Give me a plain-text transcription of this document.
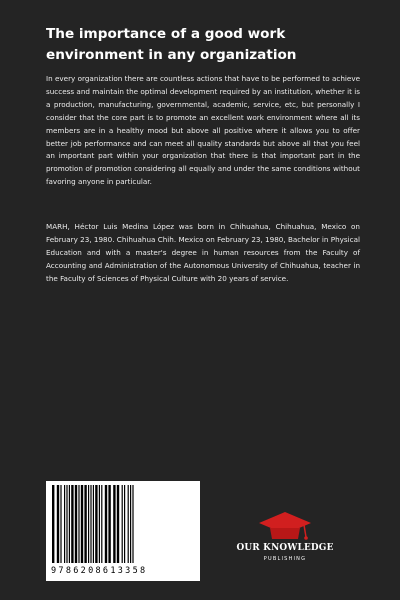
The importance of a good work environment in any organization

In every organization there are countless actions that have to be performed to achieve success and maintain the optimal development required by an institution, whether it is a production, manufacturing, governmental, academic, service, etc, but personally I consider that the core part is to promote an excellent work environment where all its members are in a healthy mood but above all positive where it allows you to offer better job performance and can meet all quality standards but above all that you feel an important part within your organization that there is that important part in the promotion of promotion considering all equally and under the same conditions without favoring anyone in particular.

MARH, Héctor Luis Medina López was born in Chihuahua, Chihuahua, Mexico on February 23, 1980. Chihuahua Chih. Mexico on February 23, 1980, Bachelor in Physical Education and with a master's degree in human resources from the Faculty of Accounting and Administration of the Autonomous University of Chihuahua, teacher in the Faculty of Sciences of Physical Culture with 20 years of service.

9786208613358
OUR KNOWLEDGE
PUBLISHING
